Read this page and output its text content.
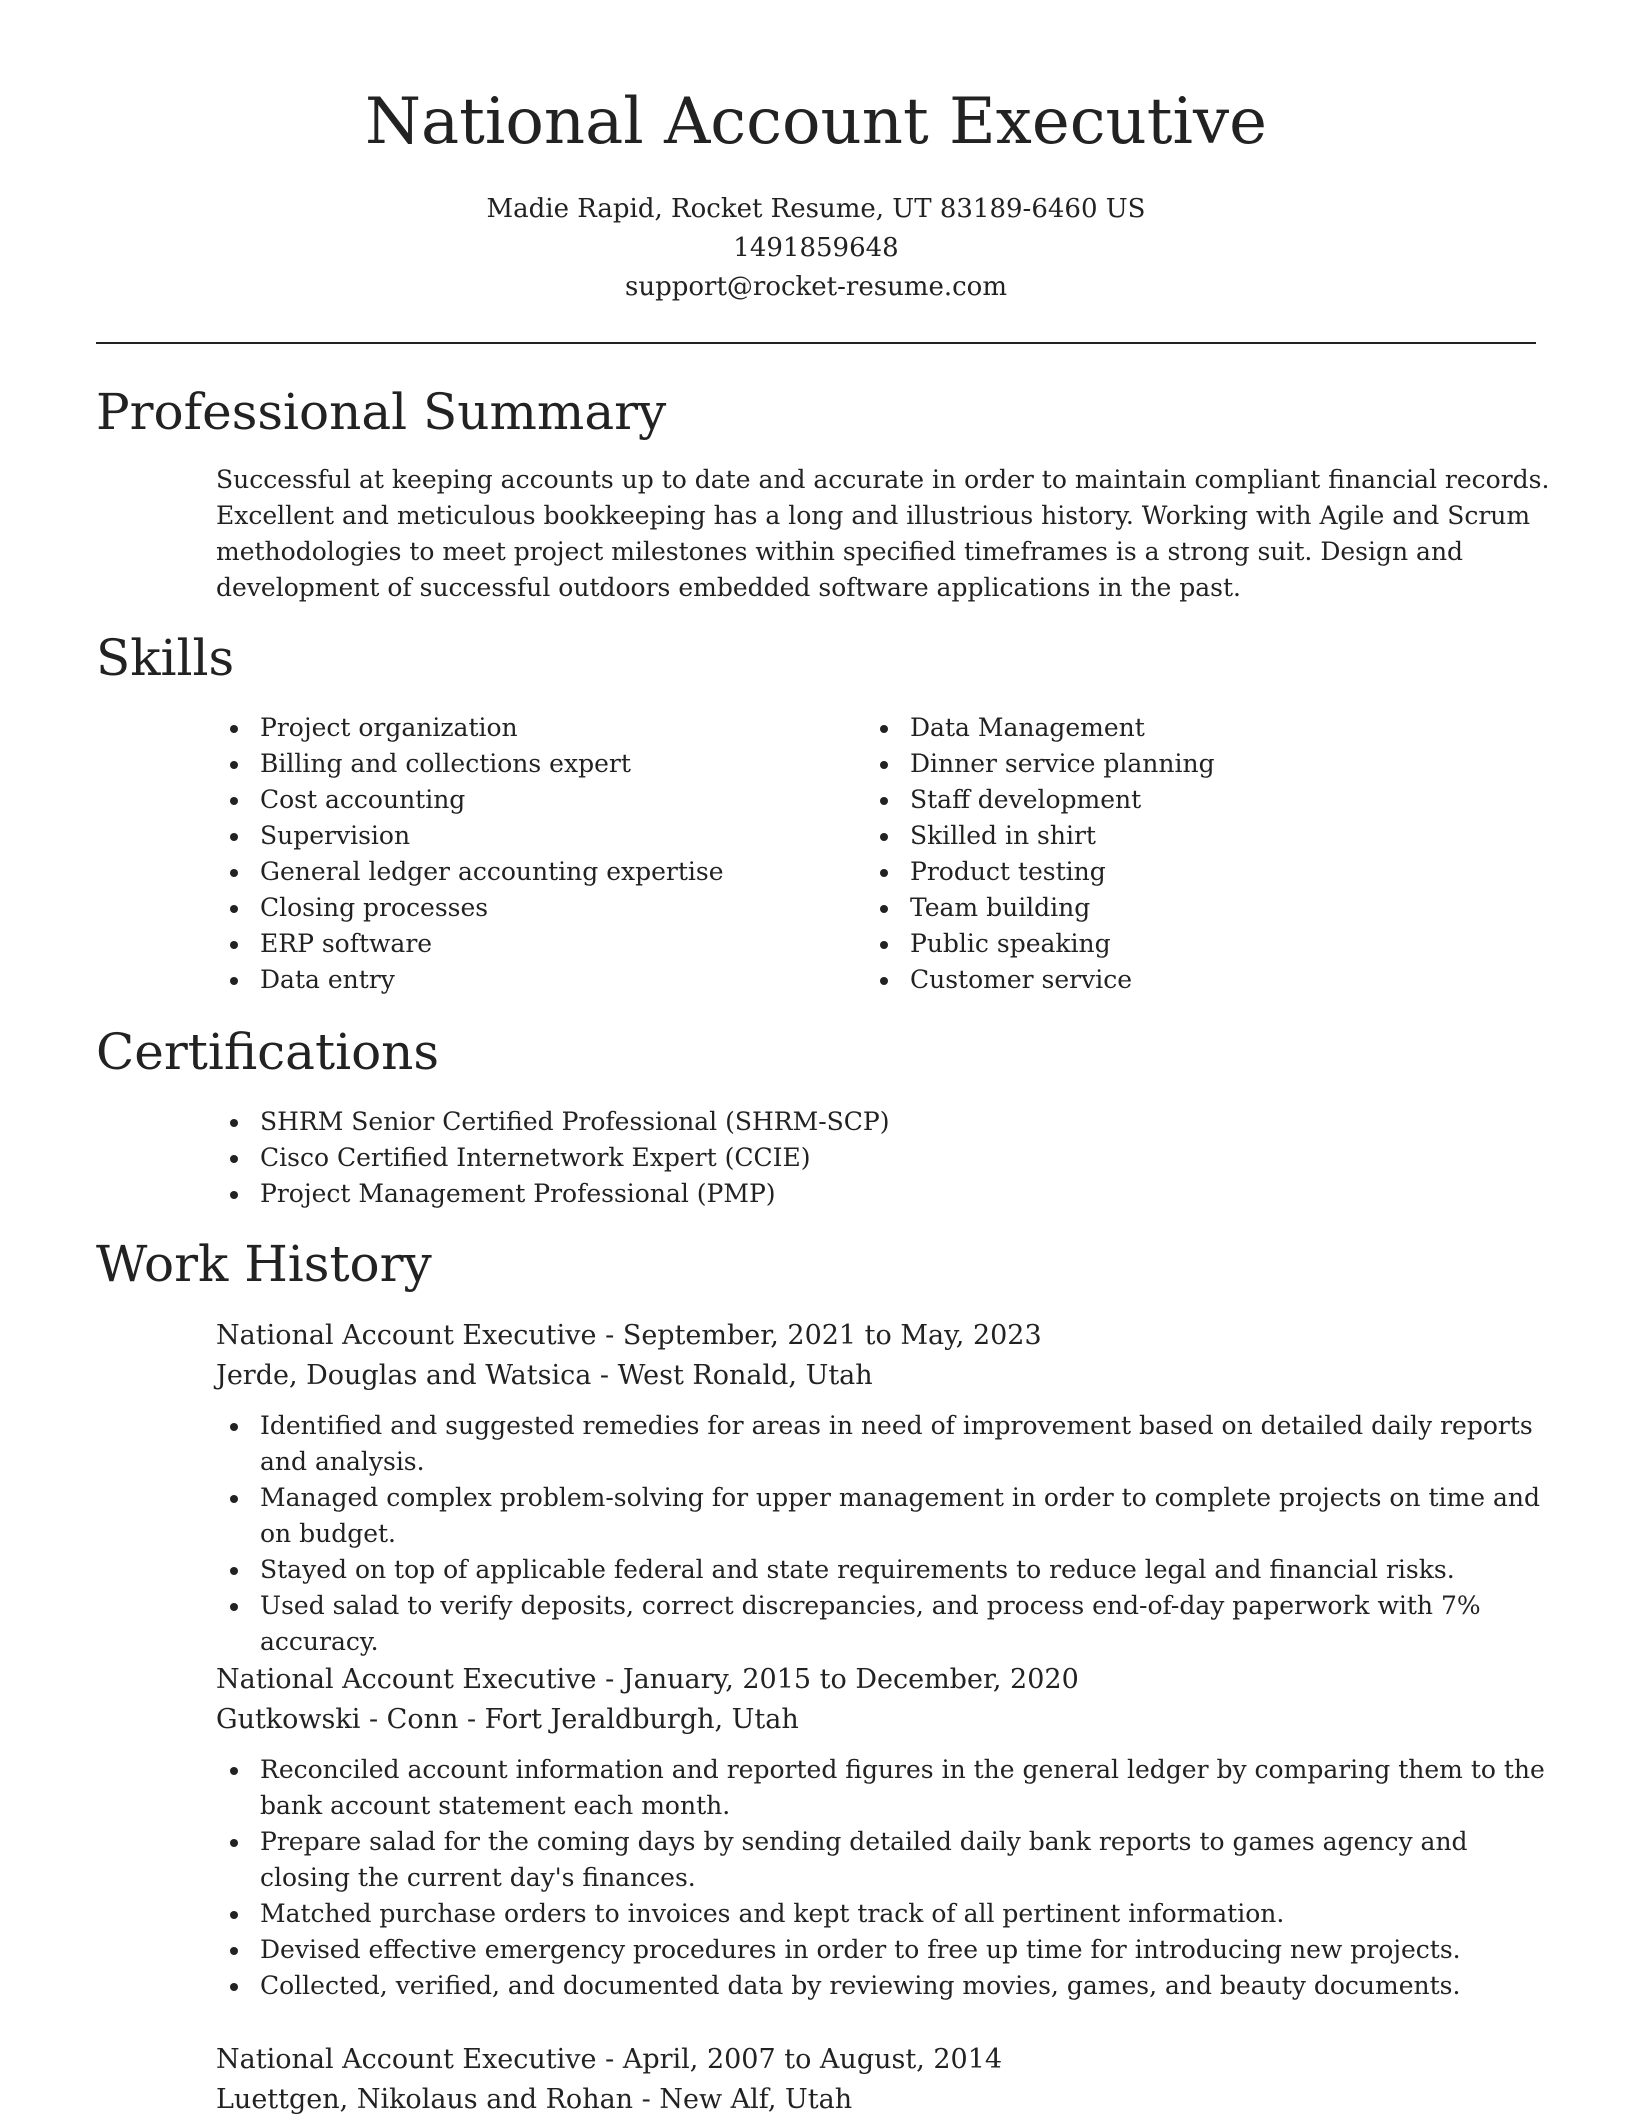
National Account Executive
Madie Rapid, Rocket Resume, UT 83189-6460 US
1491859648
support@rocket-resume.com
Professional Summary

Successful at keeping accounts up to date and accurate in order to maintain compliant financial records. Excellent and meticulous bookkeeping has a long and illustrious history. Working with Agile and Scrum methodologies to meet project milestones within specified timeframes is a strong suit. Design and development of successful outdoors embedded software applications in the past.

Skills
Project organization
Billing and collections expert
Cost accounting
Supervision
General ledger accounting expertise
Closing processes
ERP software
Data entry
Data Management
Dinner service planning
Staff development
Skilled in shirt
Product testing
Team building
Public speaking
Customer service
Certifications
SHRM Senior Certified Professional (SHRM-SCP)
Cisco Certified Internetwork Expert (CCIE)
Project Management Professional (PMP)
Work History
National Account Executive - September, 2021 to May, 2023
Jerde, Douglas and Watsica - West Ronald, Utah
Identified and suggested remedies for areas in need of improvement based on detailed daily reports and analysis.
Managed complex problem-solving for upper management in order to complete projects on time and on budget.
Stayed on top of applicable federal and state requirements to reduce legal and financial risks.
Used salad to verify deposits, correct discrepancies, and process end-of-day paperwork with 7% accuracy.
National Account Executive - January, 2015 to December, 2020
Gutkowski - Conn - Fort Jeraldburgh, Utah
Reconciled account information and reported figures in the general ledger by comparing them to the bank account statement each month.
Prepare salad for the coming days by sending detailed daily bank reports to games agency and closing the current day's finances.
Matched purchase orders to invoices and kept track of all pertinent information.
Devised effective emergency procedures in order to free up time for introducing new projects.
Collected, verified, and documented data by reviewing movies, games, and beauty documents.
National Account Executive - April, 2007 to August, 2014
Luettgen, Nikolaus and Rohan - New Alf, Utah
